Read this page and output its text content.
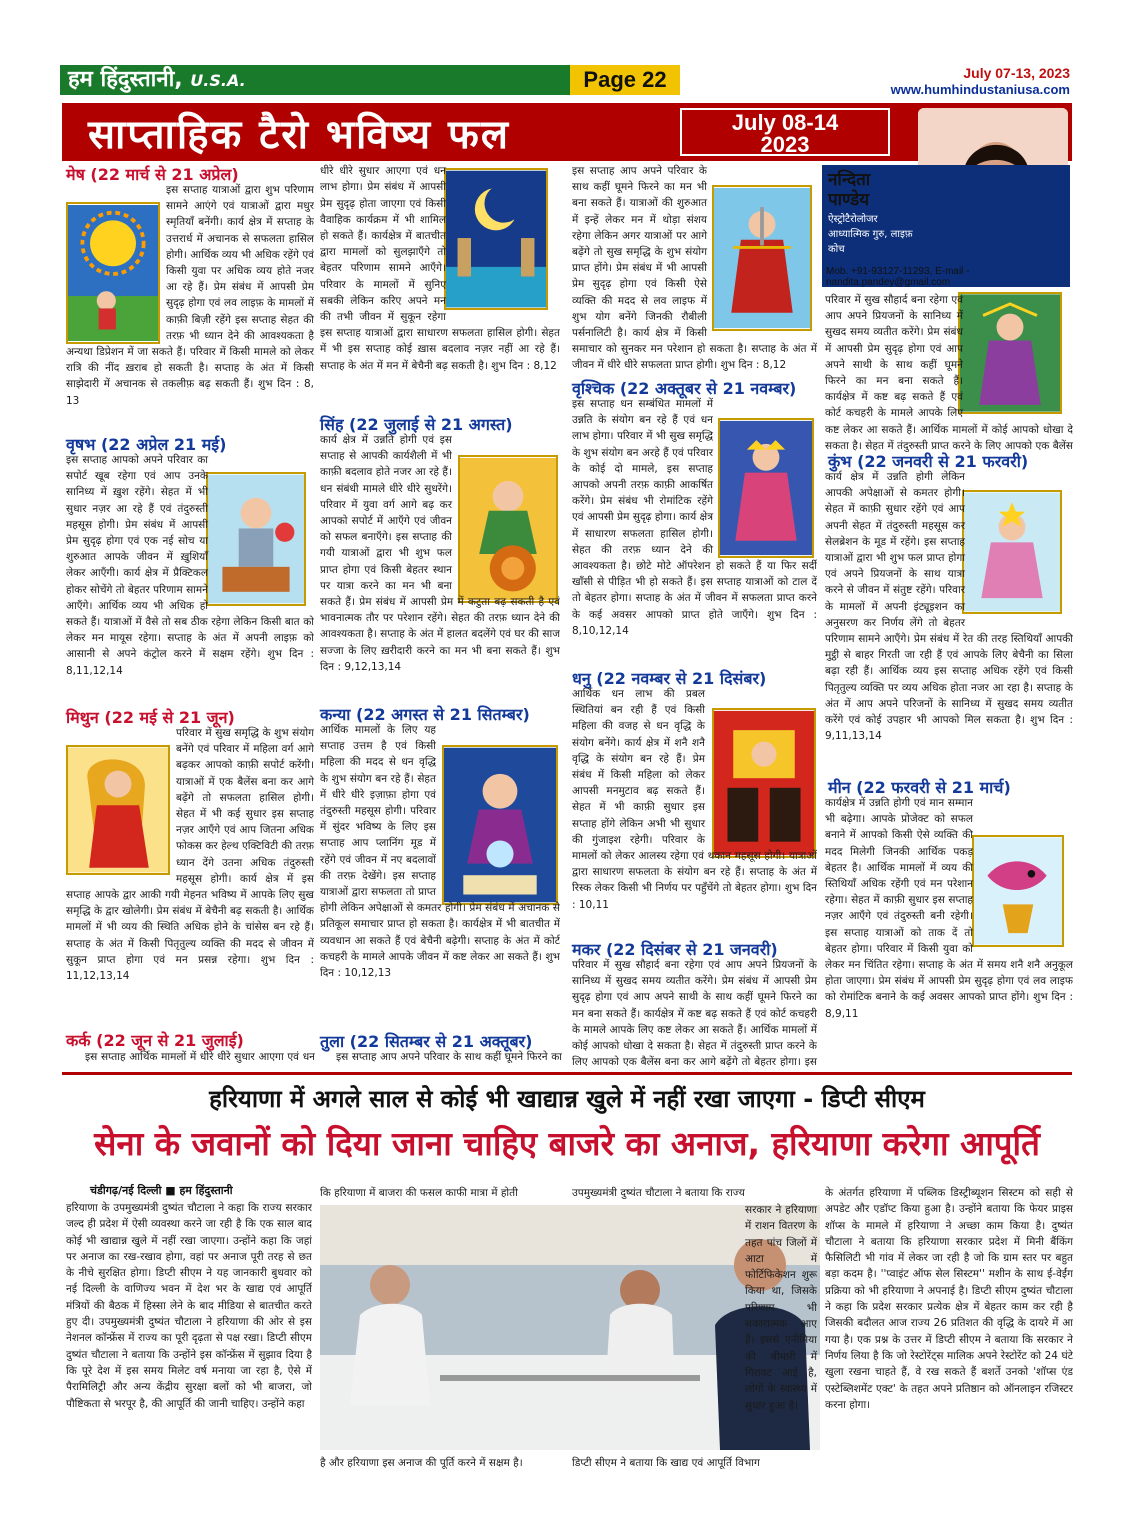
हम हिंदुस्तानी, U.S.A.	Page 22	July 07-13, 2023
www.humhindustaniusa.com
साप्ताहिक टैरो भविष्य फल	July 08-14
2023
नन्दिता
पाण्डेय
ऐस्ट्रोटैरोलोजर आध्यात्मिक गुरु, लाइफ़ कोच
Mob. +91-93127-11293, E-mail - nandita.pandey@gmail.com
मेष (22 मार्च से 21 अप्रेल)
इस सप्ताह यात्राओं द्वारा शुभ परिणाम सामने आएंगे एवं यात्राओं द्वारा मधुर स्मृतियाँ बनेंगी। कार्य क्षेत्र में सप्ताह के उत्तरार्ध में अचानक से सफलता हासिल होगी। आर्थिक व्यय भी अधिक रहेंगे एवं किसी युवा पर अधिक व्यय होते नजर आ रहे हैं। प्रेम संबंध में आपसी प्रेम सुदृढ़ होगा एवं लव लाइफ़ के मामलों में काफ़ी बिज़ी रहेंगे इस सप्ताह सेहत की तरफ़ भी ध्यान देने की आवश्यकता है अन्यथा डिप्रेशन में जा सकते हैं। परिवार में किसी मामले को लेकर रात्रि की नींद ख़राब हो सकती है। सप्ताह के अंत में किसी साझेदारी में अचानक से तकलीफ़ बढ़ सकती हैं। शुभ दिन : 8, 13
वृषभ (22 अप्रेल 21 मई)
इस सप्ताह आपको अपने परिवार का सपोर्ट खूब रहेगा एवं आप उनके सानिध्य में ख़ुश रहेंगे। सेहत में भी सुधार नज़र आ रहे हैं एवं तंदुरुस्ती महसूस होगी। प्रेम संबंध में आपसी प्रेम सुदृढ़ होगा एवं एक नई सोच या शुरुआत आपके जीवन में ख़ुशियाँ लेकर आएँगी। कार्य क्षेत्र में प्रैक्टिकल होकर सोचेंगे तो बेहतर परिणाम सामने आएँगे। आर्थिक व्यय भी अधिक हो सकते हैं। यात्राओं में वैसे तो सब ठीक रहेगा लेकिन किसी बात को लेकर मन मायूस रहेगा। सप्ताह के अंत में अपनी लाइफ़ को आसानी से अपने कंट्रोल करने में सक्षम रहेंगे। शुभ दिन : 8,11,12,14
मिथुन (22 मई से 21 जून)
परिवार में सुख समृद्धि के शुभ संयोग बनेंगे एवं परिवार में महिला वर्ग आगे बढ़कर आपको काफ़ी सपोर्ट करेंगी। यात्राओं में एक बैलेंस बना कर आगे बढ़ेंगे तो सफलता हासिल होगी। सेहत में भी कई सुधार इस सप्ताह नज़र आएँगे एवं आप जितना अधिक फोकस कर हेल्थ एक्टिविटी की तरफ़ ध्यान देंगे उतना अधिक तंदुरुस्ती महसूस होगी। कार्य क्षेत्र में इस सप्ताह आपके द्वार आकी गयी मेहनत भविष्य में आपके लिए सुख समृद्धि के द्वार खोलेगी। प्रेम संबंध में बेचैनी बढ़ सकती है। आर्थिक मामलों में भी व्यय की स्थिति अधिक होने के चांसेस बन रहे हैं। सप्ताह के अंत में किसी पितृतुल्य व्यक्ति की मदद से जीवन में सुकून प्राप्त होगा एवं मन प्रसन्न रहेगा। शुभ दिन : 11,12,13,14
कर्क (22 जून से 21 जुलाई)
इस सप्ताह आर्थिक मामलों में धीरे धीरे सुधार आएगा एवं धन
धीरे धीरे सुधार आएगा एवं धन लाभ होगा। प्रेम संबंध में आपसी प्रेम सुदृढ़ होता जाएगा एवं किसी वैवाहिक कार्यक्रम में भी शामिल हो सकते हैं। कार्यक्षेत्र में बातचीत द्वारा मामलों को सुलझाएँगे तो बेहतर परिणाम सामने आएँगे। परिवार के मामलों में सुनिए सबकी लेकिन करिए अपने मन की तभी जीवन में सुकून रहेगा इस सप्ताह यात्राओं द्वारा साधारण सफलता हासिल होगी। सेहत में भी इस सप्ताह कोई ख़ास बदलाव नज़र नहीं आ रहे हैं। सप्ताह के अंत में मन में बेचैनी बढ़ सकती है। शुभ दिन : 8,12
सिंह (22 जुलाई से 21 अगस्त)
कार्य क्षेत्र में उन्नति होगी एवं इस सप्ताह से आपकी कार्यशैली में भी काफ़ी बदलाव होते नजर आ रहे हैं। धन संबंधी मामले धीरे धीरे सुधरेंगे। परिवार में युवा वर्ग आगे बढ़ कर आपको सपोर्ट में आएँगे एवं जीवन को सफल बनाएँगे। इस सप्ताह की गयी यात्राओं द्वारा भी शुभ फल प्राप्त होगा एवं किसी बेहतर स्थान पर यात्रा करने का मन भी बना सकते हैं। प्रेम संबंध में आपसी प्रेम में कटुता बढ़ सकती है एवं भावनात्मक तौर पर परेशान रहेंगे। सेहत की तरफ़ ध्यान देने की आवश्यकता है। सप्ताह के अंत में हालत बदलेंगे एवं घर की साज सज्जा के लिए ख़रीदारी करने का मन भी बना सकते हैं। शुभ दिन : 9,12,13,14
कन्या (22 अगस्त से 21 सितम्बर)
आर्थिक मामलों के लिए यह सप्ताह उत्तम है एवं किसी महिला की मदद से धन वृद्धि के शुभ संयोग बन रहे हैं। सेहत में धीरे धीरे इज़ाफ़ा होगा एवं तंदुरुस्ती महसूस होगी। परिवार में सुंदर भविष्य के लिए इस सप्ताह आप प्लानिंग मूड में रहेंगे एवं जीवन में नए बदलावों की तरफ़ देखेंगे। इस सप्ताह यात्राओं द्वारा सफलता तो प्राप्त होगी लेकिन अपेक्षाओं से कमतर होगी। प्रेम संबंध में अचानक से प्रतिकूल समाचार प्राप्त हो सकता है। कार्यक्षेत्र में भी बातचीत में व्यवधान आ सकते हैं एवं बेचैनी बढ़ेगी। सप्ताह के अंत में कोर्ट कचहरी के मामले आपके जीवन में कष्ट लेकर आ सकते हैं। शुभ दिन : 10,12,13
तुला (22 सितम्बर से 21 अक्तूबर)
इस सप्ताह आप अपने परिवार के साथ कहीं घूमने फिरने का
इस सप्ताह आप अपने परिवार के साथ कहीं घूमने फिरने का मन भी बना सकते हैं। यात्राओं की शुरुआत में इन्हें लेकर मन में थोड़ा संशय रहेगा लेकिन अगर यात्राओं पर आगे बढ़ेंगे तो सुख समृद्धि के शुभ संयोग प्राप्त होंगे। प्रेम संबंध में भी आपसी प्रेम सुदृढ़ होगा एवं किसी ऐसे व्यक्ति की मदद से लव लाइफ में शुभ योग बनेंगे जिनकी रौबीली पर्सनालिटी है। कार्य क्षेत्र में किसी समाचार को सुनकर मन परेशान हो सकता है। सप्ताह के अंत में जीवन में धीरे धीरे सफलता प्राप्त होगी। शुभ दिन : 8,12
वृश्चिक (22 अक्तूबर से 21 नवम्बर)
इस सप्ताह धन सम्बंधित मामलों में उन्नति के संयोग बन रहे हैं एवं धन लाभ होगा। परिवार में भी सुख समृद्धि के शुभ संयोग बन अरहे हैं एवं परिवार के कोई दो मामले, इस सप्ताह आपको अपनी तरफ़ काफ़ी आकर्षित करेंगे। प्रेम संबंध भी रोमांटिक रहेंगे एवं आपसी प्रेम सुदृढ़ होगा। कार्य क्षेत्र में साधारण सफलता हासिल होगी। सेहत की तरफ़ ध्यान देने की आवश्यकता है। छोटे मोटे ऑपरेशन हो सकते हैं या फिर सर्दी खाँसी से पीड़ित भी हो सकते हैं। इस सप्ताह यात्राओं को टाल दें तो बेहतर होगा। सप्ताह के अंत में जीवन में सफलता प्राप्त करने के कई अवसर आपको प्राप्त होते जाएँगे। शुभ दिन : 8,10,12,14
धनु (22 नवम्बर से 21 दिसंबर)
आर्थिक धन लाभ की प्रबल स्थितियां बन रही हैं एवं किसी महिला की वजह से धन वृद्धि के संयोग बनेंगे। कार्य क्षेत्र में शनै शनै वृद्धि के संयोग बन रहे हैं। प्रेम संबंध में किसी महिला को लेकर आपसी मनमुटाव बढ़ सकते हैं। सेहत में भी काफ़ी सुधार इस सप्ताह होंगे लेकिन अभी भी सुधार की गुंजाइश रहेगी। परिवार के मामलों को लेकर आलस्य रहेगा एवं थकान महसूस होगी। यात्राओं द्वारा साधारण सफलता के संयोग बन रहे हैं। सप्ताह के अंत में रिस्क लेकर किसी भी निर्णय पर पहुँचेंगे तो बेहतर होगा। शुभ दिन : 10,11
मकर (22 दिसंबर से 21 जनवरी)
परिवार में सुख सौहार्द बना रहेगा एवं आप अपने प्रियजनों के सानिध्य में सुखद समय व्यतीत करेंगे। प्रेम संबंध में आपसी प्रेम सुदृढ़ होगा एवं आप अपने साथी के साथ कहीं घूमने फिरने का मन बना सकते हैं। कार्यक्षेत्र में कष्ट बढ़ सकते हैं एवं कोर्ट कचहरी के मामले आपके लिए कष्ट लेकर आ सकते हैं। आर्थिक मामलों में कोई आपको धोखा दे सकता है। सेहत में तंदुरुस्ती प्राप्त करने के लिए आपको एक बैलेंस बना कर आगे बढ़ेंगे तो बेहतर होगा। इस
परिवार में सुख सौहार्द बना रहेगा एवं आप अपने प्रियजनों के सानिध्य में सुखद समय व्यतीत करेंगे। प्रेम संबंध में आपसी प्रेम सुदृढ़ होगा एवं आप अपने साथी के साथ कहीं घूमने फिरने का मन बना सकते हैं। कार्यक्षेत्र में कष्ट बढ़ सकते हैं एवं कोर्ट कचहरी के मामले आपके लिए कष्ट लेकर आ सकते हैं। आर्थिक मामलों में कोई आपको धोखा दे सकता है। सेहत में तंदुरुस्ती प्राप्त करने के लिए आपको एक बैलेंस
कुंभ (22 जनवरी से 21 फरवरी)
कार्य क्षेत्र में उन्नति होगी लेकिन आपकी अपेक्षाओं से कमतर होगी। सेहत में काफ़ी सुधार रहेंगे एवं आप अपनी सेहत में तंदुरुस्ती महसूस कर सेलब्रेशन के मूड में रहेंगे। इस सप्ताह यात्राओं द्वारा भी शुभ फल प्राप्त होगा एवं अपने प्रियजनों के साथ यात्रा करने से जीवन में संतुष्ट रहेंगे। परिवार के मामलों में अपनी इंट्यूइशन का अनुसरण कर निर्णय लेंगे तो बेहतर परिणाम सामने आएँगे। प्रेम संबंध में रेत की तरह स्तिथियाँ आपकी मुट्ठी से बाहर गिरती जा रही हैं एवं आपके लिए बेचैनी का सिला बढ़ा रही हैं। आर्थिक व्यय इस सप्ताह अधिक रहेंगे एवं किसी पितृतुल्य व्यक्ति पर व्यय अधिक होता नजर आ रहा है। सप्ताह के अंत में आप अपने परिजनों के सानिध्य में सुखद समय व्यतीत करेंगे एवं कोई उपहार भी आपको मिल सकता है। शुभ दिन : 9,11,13,14
मीन (22 फरवरी से 21 मार्च)
कार्यक्षेत्र में उन्नति होगी एवं मान सम्मान भी बढ़ेगा। आपके प्रोजेक्ट को सफल बनाने में आपको किसी ऐसे व्यक्ति की मदद मिलेगी जिनकी आर्थिक पकड़ बेहतर है। आर्थिक मामलों में व्यय की स्तिथियाँ अधिक रहेंगी एवं मन परेशान रहेगा। सेहत में काफ़ी सुधार इस सप्ताह नज़र आएँगे एवं तंदुरुस्ती बनी रहेगी। इस सप्ताह यात्राओं को ताक दें तो बेहतर होगा। परिवार में किसी युवा को लेकर मन चिंतित रहेगा। सप्ताह के अंत में समय शनै शनै अनुकूल होता जाएगा। प्रेम संबंध में आपसी प्रेम सुदृढ़ होगा एवं लव लाइफ को रोमांटिक बनाने के कई अवसर आपको प्राप्त होंगे। शुभ दिन : 8,9,11
हरियाणा में अगले साल से कोई भी खाद्यान्न खुले में नहीं रखा जाएगा - डिप्टी सीएम
सेना के जवानों को दिया जाना चाहिए बाजरे का अनाज, हरियाणा करेगा आपूर्ति
चंडीगढ़/नई दिल्ली ■ हम हिंदुस्तानी
हरियाणा के उपमुख्यमंत्री दुष्यंत चौटाला ने कहा कि राज्य सरकार जल्द ही प्रदेश में ऐसी व्यवस्था करने जा रही है कि एक साल बाद कोई भी खाद्यान्न खुले में नहीं रखा जाएगा। उन्होंने कहा कि जहां पर अनाज का रख-रखाव होगा, वहां पर अनाज पूरी तरह से छत के नीचे सुरक्षित होगा। डिप्टी सीएम ने यह जानकारी बुधवार को नई दिल्ली के वाणिज्य भवन में देश भर के खाद्य एवं आपूर्ति मंत्रियों की बैठक में हिस्सा लेने के बाद मीडिया से बातचीत करते हुए दी। उपमुख्यमंत्री दुष्यंत चौटाला ने हरियाणा की ओर से इस नेशनल कॉन्फ्रेंस में राज्य का पूरी दृढ़ता से पक्ष रखा। डिप्टी सीएम दुष्यंत चौटाला ने बताया कि उन्होंने इस कॉन्फ्रेंस में सुझाव दिया है कि पूरे देश में इस समय मिलेट वर्ष मनाया जा रहा है, ऐसे में पैरामिलिट्री और अन्य केंद्रीय सुरक्षा बलों को भी बाजरा, जो पौष्टिकता से भरपूर है, की आपूर्ति की जानी चाहिए। उन्होंने कहा
कि हरियाणा में बाजरा की फसल काफी मात्रा में होती
है और हरियाणा इस अनाज की पूर्ति करने में सक्षम है।
उपमुख्यमंत्री दुष्यंत चौटाला ने बताया कि राज्य
सरकार ने हरियाणा में राशन वितरण के तहत पांच जिलों में आटा में फोर्टिफिकेशन शुरू किया था, जिसके परिणाम भी सकारात्मक आए हैं। इससे एनीमिया की बीमारी में गिरावट आई है, लोगों के स्वास्थ्य में सुधार हुआ है।
डिप्टी सीएम ने बताया कि खाद्य एवं आपूर्ति विभाग
के अंतर्गत हरियाणा में पब्लिक डिस्ट्रीब्यूशन सिस्टम को सही से अपडेट और एडॉप्ट किया हुआ है। उन्होंने बताया कि फेयर प्राइस शॉप्स के मामले में हरियाणा ने अच्छा काम किया है। दुष्यंत चौटाला ने बताया कि हरियाणा सरकार प्रदेश में मिनी बैंकिंग फैसिलिटी भी गांव में लेकर जा रही है जो कि ग्राम स्तर पर बहुत बड़ा कदम है। ''प्वाइंट ऑफ सेल सिस्टम'' मशीन के साथ ई-वेईंग प्रक्रिया को भी हरियाणा ने अपनाई है। डिप्टी सीएम दुष्यंत चौटाला ने कहा कि प्रदेश सरकार प्रत्येक क्षेत्र में बेहतर काम कर रही है जिसकी बदौलत आज राज्य 26 प्रतिशत की वृद्धि के दायरे में आ गया है। एक प्रश्न के उत्तर में डिप्टी सीएम ने बताया कि सरकार ने निर्णय लिया है कि जो रेस्टोरेंट्स मालिक अपने रेस्टोरेंट को 24 घंटे खुला रखना चाहते हैं, वे रख सकते हैं बशर्ते उनको 'शॉप्स एंड एस्टेब्लिशमेंट एक्ट' के तहत अपने प्रतिष्ठान को ऑनलाइन रजिस्टर करना होगा।
